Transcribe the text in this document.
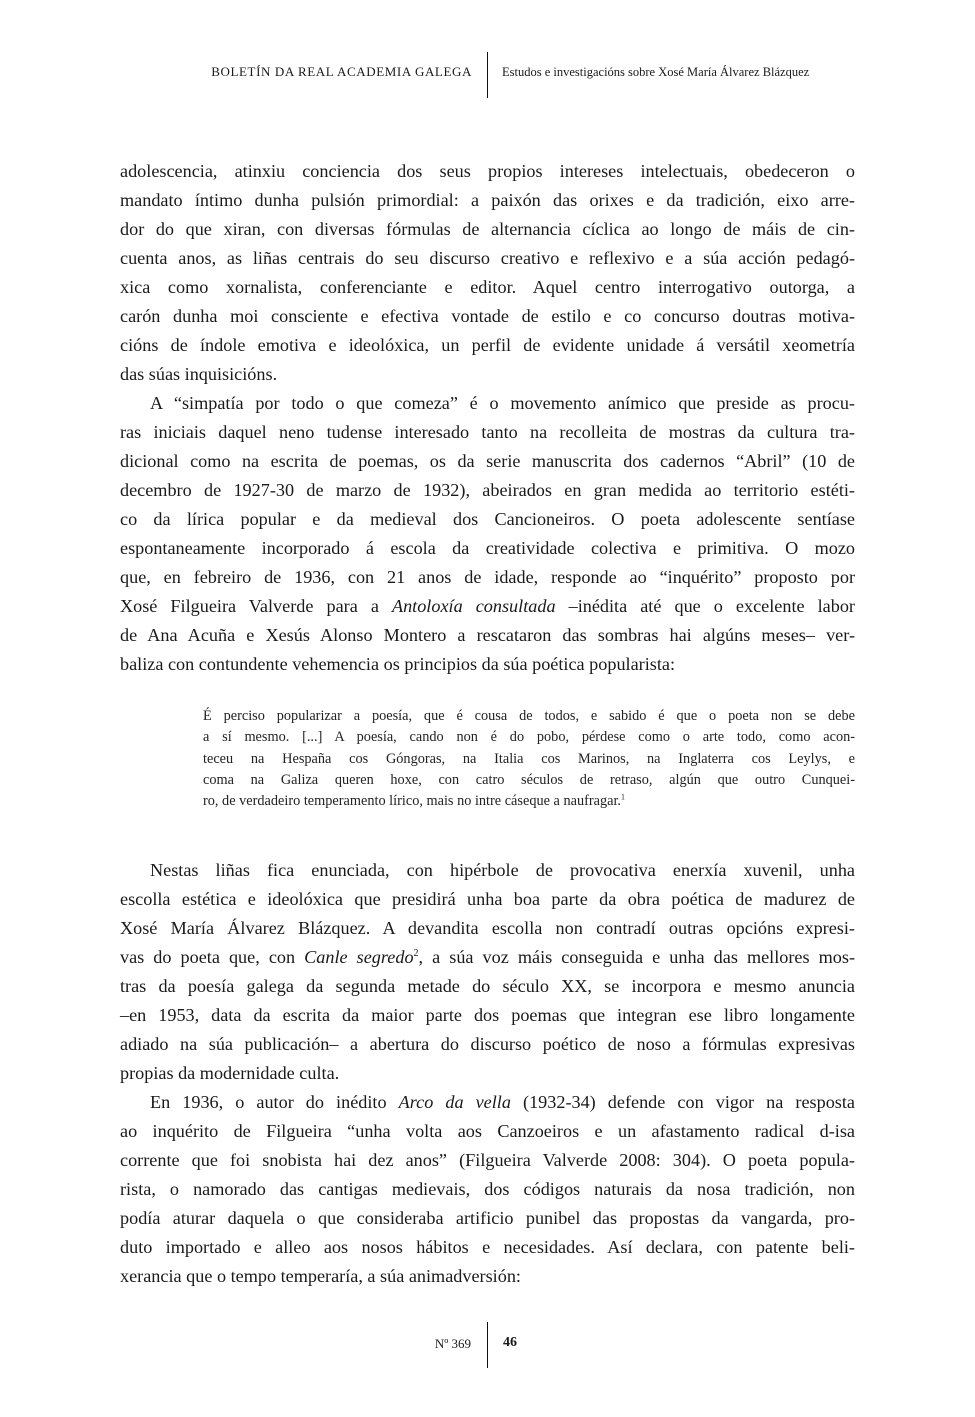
BOLETÍN DA REAL ACADEMIA GALEGA Estudos e investigacións sobre Xosé María Álvarez Blázquez

adolescencia, atinxiu conciencia dos seus propios intereses intelectuais, obedeceron o
mandato íntimo dunha pulsión primordial: a paixón das orixes e da tradición, eixo arre-
dor do que xiran, con diversas fórmulas de alternancia cíclica ao longo de máis de cin-
cuenta anos, as liñas centrais do seu discurso creativo e reflexivo e a súa acción pedagó-
xica como xornalista, conferenciante e editor. Aquel centro interrogativo outorga, a
carón dunha moi consciente e efectiva vontade de estilo e co concurso doutras motiva-
cións de índole emotiva e ideolóxica, un perfil de evidente unidade á versátil xeometría
das súas inquisicións.

A “simpatía por todo o que comeza” é o movemento anímico que preside as procu-
ras iniciais daquel neno tudense interesado tanto na recolleita de mostras da cultura tra-
dicional como na escrita de poemas, os da serie manuscrita dos cadernos “Abril” (10 de
decembro de 1927-30 de marzo de 1932), abeirados en gran medida ao territorio estéti-
co da lírica popular e da medieval dos Cancioneiros. O poeta adolescente sentíase
espontaneamente incorporado á escola da creatividade colectiva e primitiva. O mozo
que, en febreiro de 1936, con 21 anos de idade, responde ao “inquérito” proposto por
Xosé Filgueira Valverde para a Antoloxía consultada –inédita até que o excelente labor
de Ana Acuña e Xesús Alonso Montero a rescataron das sombras hai algúns meses– ver-
baliza con contundente vehemencia os principios da súa poética popularista:

É perciso popularizar a poesía, que é cousa de todos, e sabido é que o poeta non se debe
a sí mesmo. [...] A poesía, cando non é do pobo, pérdese como o arte todo, como acon-
teceu na Hespaña cos Góngoras, na Italia cos Marinos, na Inglaterra cos Leylys, e
coma na Galiza queren hoxe, con catro séculos de retraso, algún que outro Cunquei-
ro, de verdadeiro temperamento lírico, mais no intre cáseque a naufragar.$^1$

Nestas liñas fica enunciada, con hipérbole de provocativa enerxía xuvenil, unha
escolla estética e ideolóxica que presidirá unha boa parte da obra poética de madurez de
Xosé María Álvarez Blázquez. A devandita escolla non contradí outras opcións expresi-
vas do poeta que, con Canle segredo$^2$, a súa voz máis conseguida e unha das mellores mos-
tras da poesía galega da segunda metade do século XX, se incorpora e mesmo anuncia
–en 1953, data da escrita da maior parte dos poemas que integran ese libro longamente
adiado na súa publicación– a abertura do discurso poético de noso a fórmulas expresivas
propias da modernidade culta.

En 1936, o autor do inédito Arco da vella (1932-34) defende con vigor na resposta
ao inquérito de Filgueira “unha volta aos Canzoeiros e un afastamento radical d-isa
corrente que foi snobista hai dez anos” (Filgueira Valverde 2008: 304). O poeta popula-
rista, o namorado das cantigas medievais, dos códigos naturais da nosa tradición, non
podía aturar daquela o que consideraba artificio punibel das propostas da vangarda, pro-
duto importado e alleo aos nosos hábitos e necesidades. Así declara, con patente beli-
xerancia que o tempo temperaría, a súa animadversión:

Nº 369 46
